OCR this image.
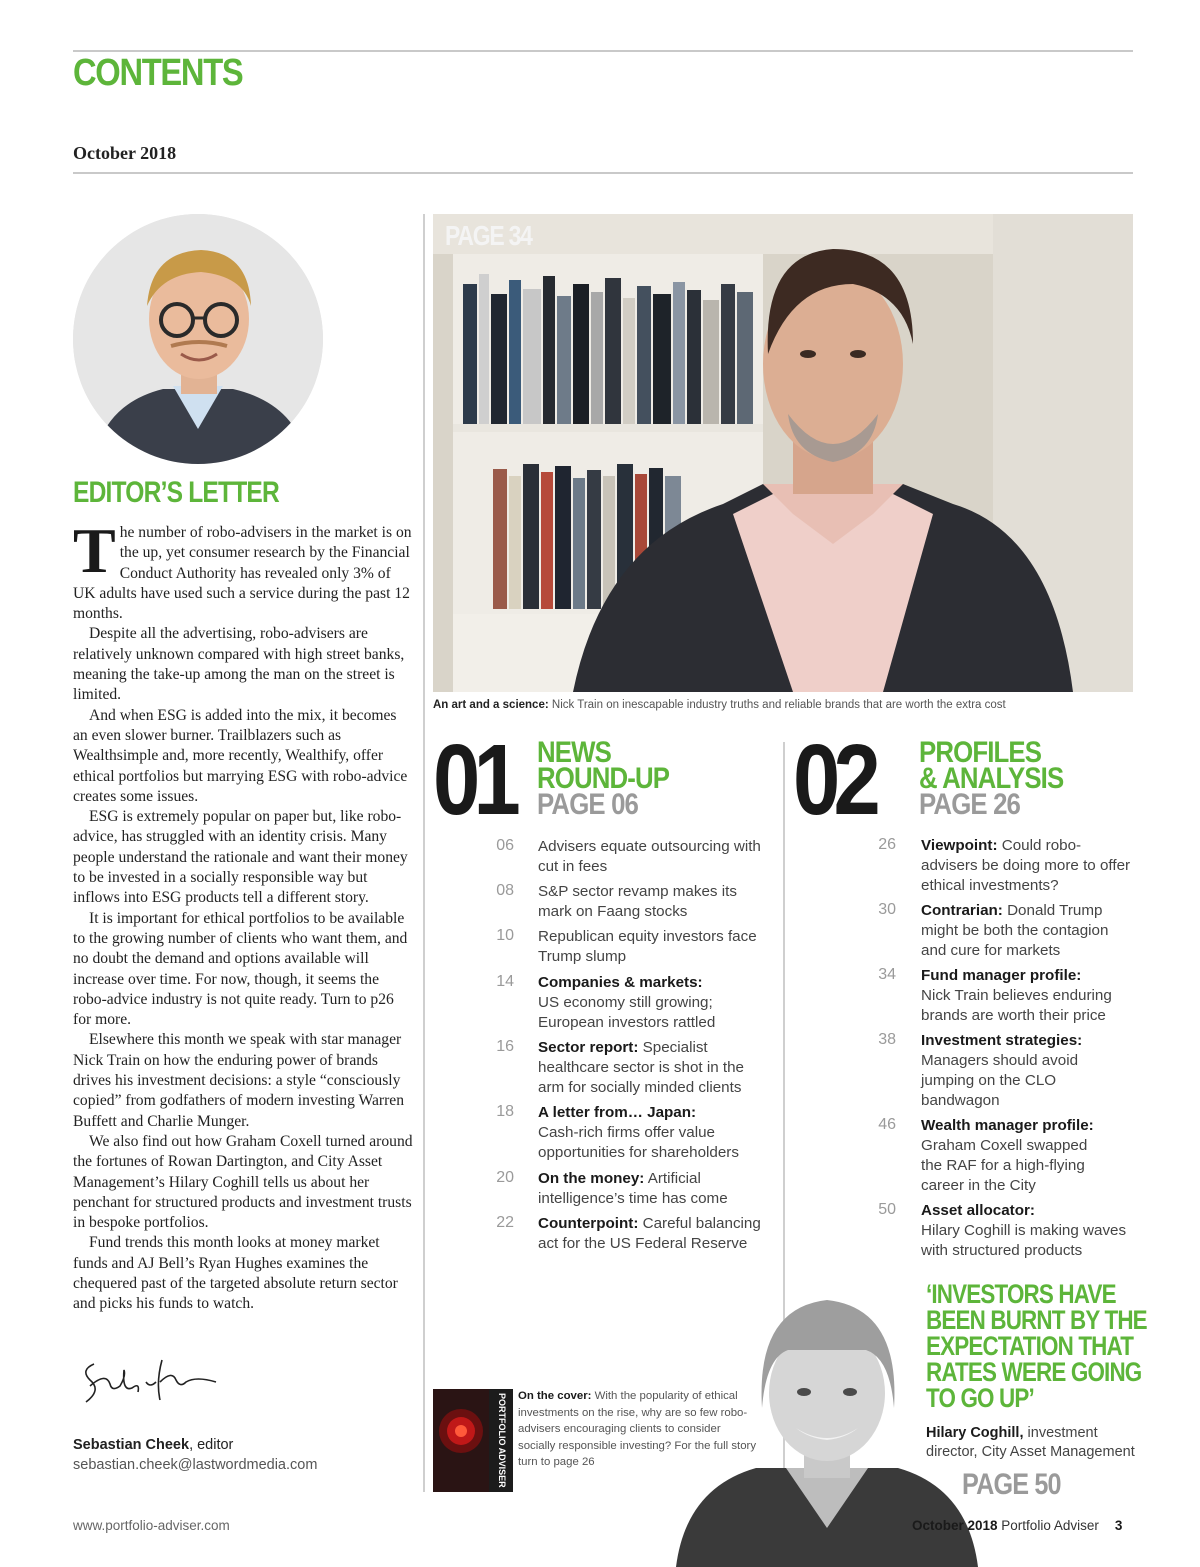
CONTENTS
October 2018
EDITOR’S LETTER

The number of robo-advisers in the market is on the up, yet consumer research by the Financial Conduct Authority has revealed only 3% of UK adults have used such a service during the past 12 months.

Despite all the advertising, robo-advisers are relatively unknown compared with high street banks, meaning the take-up among the man on the street is limited.

And when ESG is added into the mix, it becomes an even slower burner. Trailblazers such as Wealthsimple and, more recently, Wealthify, offer ethical portfolios but marrying ESG with robo-advice creates some issues.

ESG is extremely popular on paper but, like robo-advice, has struggled with an identity crisis. Many people understand the rationale and want their money to be invested in a socially responsible way but inflows into ESG products tell a different story.

It is important for ethical portfolios to be available to the growing number of clients who want them, and no doubt the demand and options available will increase over time. For now, though, it seems the robo-advice industry is not quite ready. Turn to p26 for more.

Elsewhere this month we speak with star manager Nick Train on how the enduring power of brands drives his investment decisions: a style “consciously copied” from godfathers of modern investing Warren Buffett and Charlie Munger.

We also find out how Graham Coxell turned around the fortunes of Rowan Dartington, and City Asset Management’s Hilary Coghill tells us about her penchant for structured products and investment trusts in bespoke portfolios.

Fund trends this month looks at money market funds and AJ Bell’s Ryan Hughes examines the chequered past of the targeted absolute return sector and picks his funds to watch.

Sebastian Cheek, editor
sebastian.cheek@lastwordmedia.com
PAGE 34
An art and a science: Nick Train on inescapable industry truths and reliable brands that are worth the extra cost
01 NEWS
ROUND-UP
PAGE 06
06 Advisers equate outsourcing with cut in fees
08 S&P sector revamp makes its mark on Faang stocks
10 Republican equity investors face Trump slump
14 Companies & markets:
US economy still growing; European investors rattled
16 Sector report: Specialist healthcare sector is shot in the arm for socially minded clients
18 A letter from… Japan:
Cash-rich firms offer value opportunities for shareholders
20 On the money: Artificial intelligence’s time has come
22 Counterpoint: Careful balancing act for the US Federal Reserve
02 PROFILES
& ANALYSIS
PAGE 26
26 Viewpoint: Could robo-advisers be doing more to offer ethical investments?
30 Contrarian: Donald Trump might be both the contagion and cure for markets
34 Fund manager profile:
Nick Train believes enduring brands are worth their price
38 Investment strategies:
Managers should avoid jumping on the CLO bandwagon
46 Wealth manager profile:
Graham Coxell swapped the RAF for a high-flying career in the City
50 Asset allocator:
Hilary Coghill is making waves with structured products
PORTFOLIO ADVISER On the cover: With the popularity of ethical investments on the rise, why are so few robo-advisers encouraging clients to consider socially responsible investing? For the full story turn to page 26
‘INVESTORS HAVE
BEEN BURNT BY THE
EXPECTATION THAT
RATES WERE GOING
TO GO UP’
Hilary Coghill, investment director, City Asset Management
PAGE 50
www.portfolio-adviser.com	October 2018 Portfolio Adviser 3
